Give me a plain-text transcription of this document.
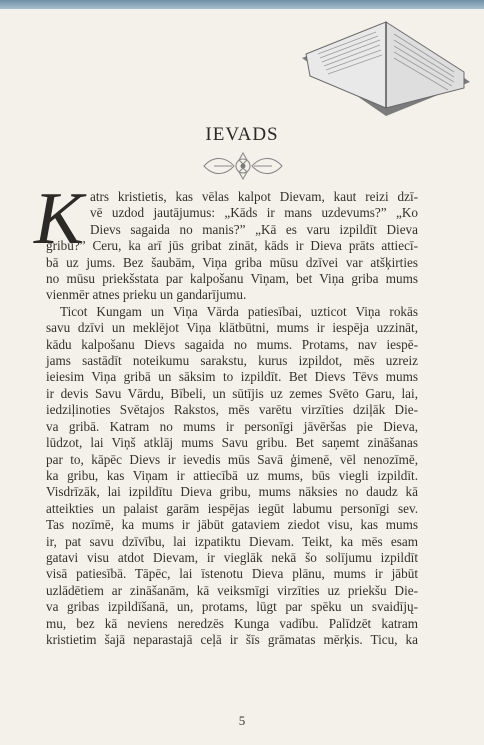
IEVADS
K atrs kristietis, kas vēlas kalpot Dievam, kaut reizi dzī-
vē uzdod jautājumus: „Kāds ir mans uzdevums?” „Ko
Dievs sagaida no manis?” „Kā es varu izpildīt Dieva
gribu?” Ceru, ka arī jūs gribat zināt, kāds ir Dieva prāts attiecī-
bā uz jums. Bez šaubām, Viņa griba mūsu dzīvei var atšķirties
no mūsu priekšstata par kalpošanu Viņam, bet Viņa griba mums
vienmēr atnes prieku un gandarījumu.
Ticot Kungam un Viņa Vārda patiesībai, uzticot Viņa rokās
savu dzīvi un meklējot Viņa klātbūtni, mums ir iespēja uzzināt,
kādu kalpošanu Dievs sagaida no mums. Protams, nav iespē-
jams sastādīt noteikumu sarakstu, kurus izpildot, mēs uzreiz
ieiesim Viņa gribā un sāksim to izpildīt. Bet Dievs Tēvs mums
ir devis Savu Vārdu, Bībeli, un sūtījis uz zemes Svēto Garu, lai,
iedziļinoties Svētajos Rakstos, mēs varētu virzīties dziļāk Die-
va gribā. Katram no mums ir personīgi jāvēršas pie Dieva,
lūdzot, lai Viņš atklāj mums Savu gribu. Bet saņemt zināšanas
par to, kāpēc Dievs ir ievedis mūs Savā ģimenē, vēl nenozīmē,
ka gribu, kas Viņam ir attiecībā uz mums, būs viegli izpildīt.
Visdrīzāk, lai izpildītu Dieva gribu, mums nāksies no daudz kā
atteikties un palaist garām iespējas iegūt labumu personīgi sev.
Tas nozīmē, ka mums ir jābūt gataviem ziedot visu, kas mums
ir, pat savu dzīvību, lai izpatiktu Dievam. Teikt, ka mēs esam
gatavi visu atdot Dievam, ir vieglāk nekā šo solījumu izpildīt
visā patiesībā. Tāpēc, lai īstenotu Dieva plānu, mums ir jābūt
uzlādētiem ar zināšanām, kā veiksmīgi virzīties uz priekšu Die-
va gribas izpildīšanā, un, protams, lūgt par spēku un svaidījų-
mu, bez kā neviens neredzēs Kunga vadību. Palīdzēt katram
kristietim šajā neparastajā ceļā ir šīs grāmatas mērķis. Ticu, ka
5
